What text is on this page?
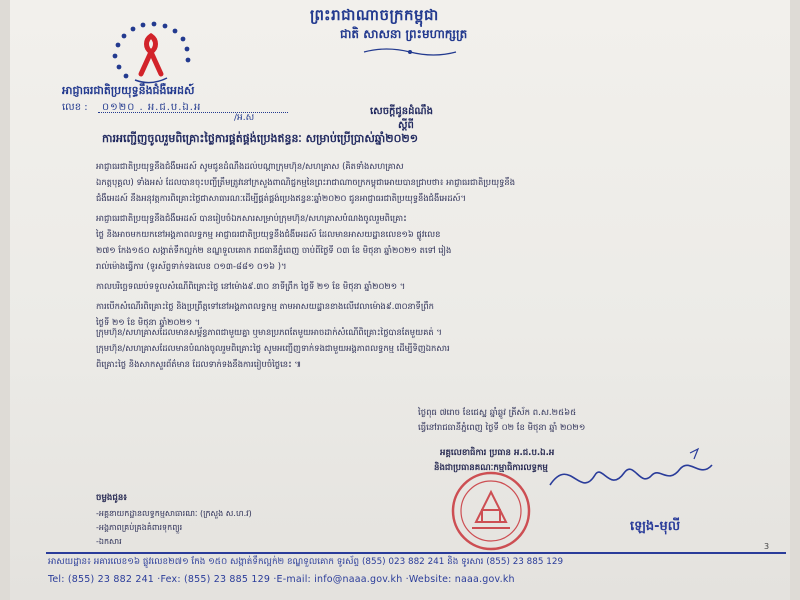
ព្រះរាជាណាចក្រកម្ពុជា
ជាតិ សាសនា ព្រះមហាក្សត្រ
អាជ្ញាធរជាតិប្រយុទ្ធនឹងជំងឺអេដស៍
លេខ : ០១២០ . អ.ជ.ប.ឯ.អ
/អ.ស
សេចក្តីជូនដំណឹង
ស្តីពី
ការអញ្ជើញចូលរួមពិគ្រោះថ្លៃការផ្គត់ផ្គង់ប្រេងឥន្ធនៈ សម្រាប់ប្រើប្រាស់ឆ្នាំ២០២១

អាជ្ញាធរជាតិប្រយុទ្ធនឹងជំងឺអេដស៍ សូមជូនដំណឹងដល់បណ្តាក្រុមហ៊ុន/សហគ្រាស (គិតទាំងសហគ្រាស

ឯកត្តបុគ្គល) ទាំងអស់ ដែលបានចុះបញ្ជីត្រឹមត្រូវនៅក្រសួងពាណិជ្ជកម្មនៃព្រះរាជាណាចក្រកម្ពុជាអោយបានជ្រាបថា៖ អាជ្ញាធរជាតិប្រយុទ្ធនឹង

ជំងឺអេដស៍ នឹងអនុវត្តការពិគ្រោះថ្លៃជាសាធារណៈដើម្បីផ្គត់ផ្គង់ប្រេងឥន្ធនៈឆ្នាំ២០២០ ជូនអាជ្ញាធរជាតិប្រយុទ្ធនឹងជំងឺអេដស៍។

អាជ្ញាធរជាតិប្រយុទ្ធនឹងជំងឺអេដស៍ បានរៀបចំឯកសារសម្រាប់ក្រុមហ៊ុន/សហគ្រាសបំណងចូលរួមពិគ្រោះ

ថ្លៃ និងអាចមកយកនៅអង្គភាពលទ្ធកម្ម អាជ្ញាធរជាតិប្រយុទ្ធនឹងជំងឺអេដស៍ ដែលមានអាសយដ្ឋានលេខ១៦ ផ្លូវលេខ

២៧១ កែង១៥០ សង្កាត់ទឹកល្អក់២ ខណ្ឌទួលគោក រាជធានីភ្នំពេញ ចាប់ពីថ្ងៃទី ០៣ ខែ មិថុនា ឆ្នាំ២០២១ តទៅ រៀង

រាល់ម៉ោងធ្វើការ (ទូរស័ព្ទទាក់ទងលេខ ០១៣-៨៨១ ០១៦ )។

កាលបរិច្ឆេទឈប់ទទួលសំណើពិគ្រោះថ្លៃ នៅម៉ោង៩.៣០ នាទីព្រឹក ថ្ងៃទី ២១ ខែ មិថុនា ឆ្នាំ២០២១ ។

ការបើកសំណើរពិគ្រោះថ្លៃ និងប្រព្រឹត្តទៅនៅអង្គភាពលទ្ធកម្ម តាមអាសយដ្ឋានខាងលើវេលាម៉ោង៩.៣០នាទីព្រឹក

ថ្ងៃទី ២១ ខែ មិថុនា ឆ្នាំ២០២១ ។

ក្រុមហ៊ុន/សហគ្រាសដែលមានសម្ព័ន្ធភាពជាមួយគ្នា ឬមានប្រភពតែមួយអាចដាក់សំណើពិគ្រោះថ្លៃបានតែមួយគត់ ។

ក្រុមហ៊ុន/សហគ្រាសដែលមានបំណងចូលរួមពិគ្រោះថ្លៃ សូមអញ្ជើញទាក់ទងជាមួយអង្គភាពលទ្ធកម្ម ដើម្បីទិញឯកសារ

ពិគ្រោះថ្លៃ និងសាកសួរព័ត៌មាន ដែលទាក់ទងនឹងការរៀបចំថ្លៃនេះ ៕

ថ្ងៃពុធ ៧រោច ខែជេស្ឋ ឆ្នាំឆ្លូវ ត្រីស័ក ព.ស.២៥៦៥
ធ្វើនៅរាជធានីភ្នំពេញ ថ្ងៃទី ០២ ខែ មិថុនា ឆ្នាំ ២០២១
អគ្គលេខាធិការ ប្រធាន អ.ជ.ប.ឯ.អ
និងជាប្រធានគណៈកម្មាធិការលទ្ធកម្ម
ឡេង-មុលី
ចម្លងជូន៖
-អគ្គនាយកដ្ឋានលទ្ធកម្មសាធារណៈ (ក្រសួង ស.ហ.វ)
-អង្គភាពគ្រប់គ្រងគំពារទុកព្យួរ
-ឯកសារ
3
អាសយដ្ឋាន៖ អគារលេខ១៦ ផ្លូវលេខ២៧១ កែង ១៥០ សង្កាត់ទឹកល្អក់២ ខណ្ឌទួលគោក ទូរស័ព្ទ (855) 023 882 241 និង ទូរសារ (855) 23 885 129
Tel: (855) 23 882 241 ·Fex: (855) 23 885 129 ·E-mail: info@naaa.gov.kh ·Website: naaa.gov.kh
